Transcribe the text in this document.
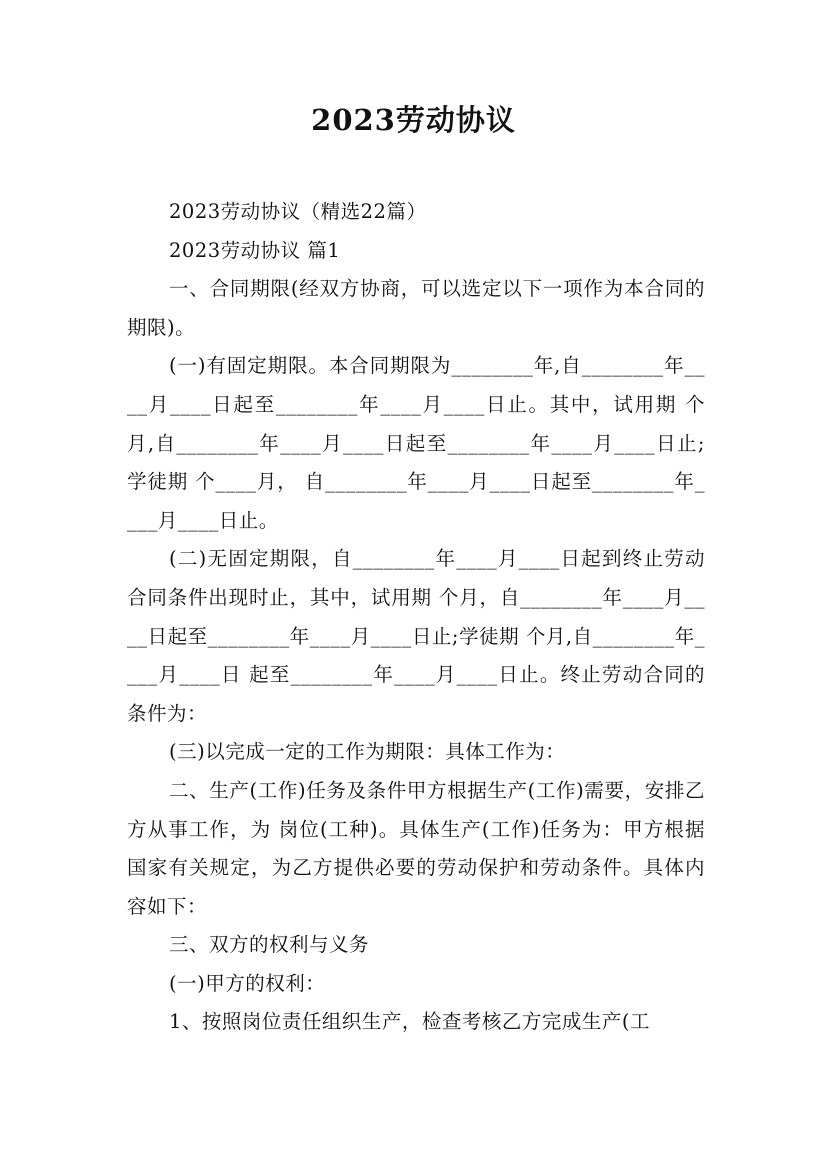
2023劳动协议

2023劳动协议（精选22篇）

2023劳动协议 篇1

一、合同期限(经双方协商，可以选定以下一项作为本合同的期限)。

(一)有固定期限。本合同期限为________年,自________年____月____日起至________年____月____日止。其中，试用期 个月,自________年____月____日起至________年____月____日止;学徒期 个____月， 自________年____月____日起至________年____月____日止。

(二)无固定期限，自________年____月____日起到终止劳动合同条件出现时止，其中，试用期 个月，自________年____月____日起至________年____月____日止;学徒期 个月,自________年____月____日 起至________年____月____日止。终止劳动合同的条件为：

(三)以完成一定的工作为期限：具体工作为：

二、生产(工作)任务及条件甲方根据生产(工作)需要，安排乙方从事工作，为 岗位(工种)。具体生产(工作)任务为：甲方根据国家有关规定，为乙方提供必要的劳动保护和劳动条件。具体内容如下：

三、双方的权利与义务

(一)甲方的权利：

1、按照岗位责任组织生产，检查考核乙方完成生产(工
